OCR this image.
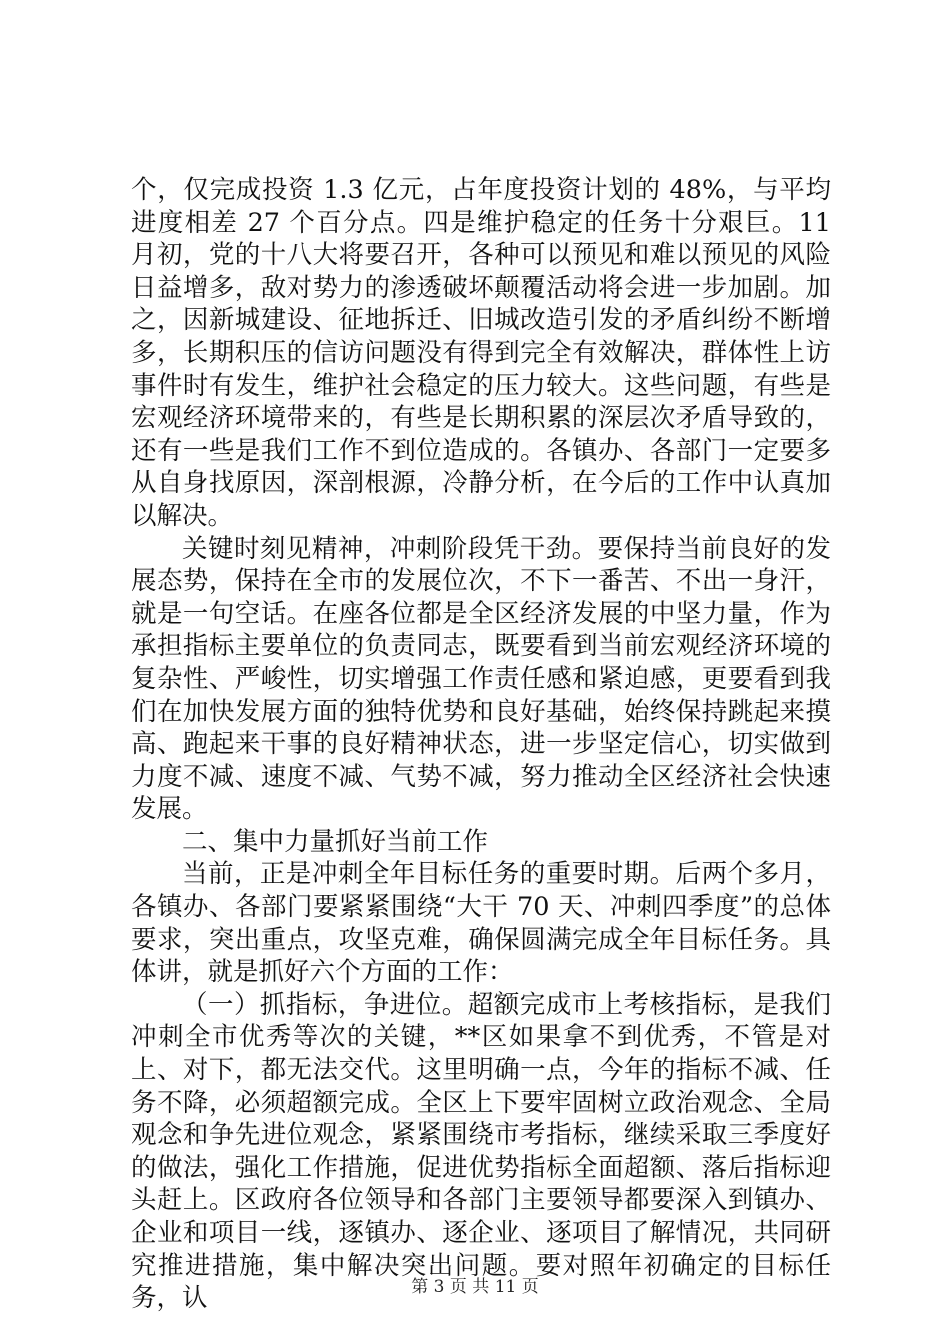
个，仅完成投资 1.3 亿元，占年度投资计划的 48%，与平均进度相差 27 个百分点。四是维护稳定的任务十分艰巨。11 月初，党的十八大将要召开，各种可以预见和难以预见的风险日益增多，敌对势力的渗透破坏颠覆活动将会进一步加剧。加之，因新城建设、征地拆迁、旧城改造引发的矛盾纠纷不断增多，长期积压的信访问题没有得到完全有效解决，群体性上访事件时有发生，维护社会稳定的压力较大。这些问题，有些是宏观经济环境带来的，有些是长期积累的深层次矛盾导致的，还有一些是我们工作不到位造成的。各镇办、各部门一定要多从自身找原因，深剖根源，冷静分析，在今后的工作中认真加以解决。

关键时刻见精神，冲刺阶段凭干劲。要保持当前良好的发展态势，保持在全市的发展位次，不下一番苦、不出一身汗，就是一句空话。在座各位都是全区经济发展的中坚力量，作为承担指标主要单位的负责同志，既要看到当前宏观经济环境的复杂性、严峻性，切实增强工作责任感和紧迫感，更要看到我们在加快发展方面的独特优势和良好基础，始终保持跳起来摸高、跑起来干事的良好精神状态，进一步坚定信心，切实做到力度不减、速度不减、气势不减，努力推动全区经济社会快速发展。

二、集中力量抓好当前工作

当前，正是冲刺全年目标任务的重要时期。后两个多月，各镇办、各部门要紧紧围绕“大干 70 天、冲刺四季度”的总体要求，突出重点，攻坚克难，确保圆满完成全年目标任务。具体讲，就是抓好六个方面的工作：

（一）抓指标，争进位。超额完成市上考核指标，是我们冲刺全市优秀等次的关键，**区如果拿不到优秀，不管是对上、对下，都无法交代。这里明确一点，今年的指标不减、任务不降，必须超额完成。全区上下要牢固树立政治观念、全局观念和争先进位观念，紧紧围绕市考指标，继续采取三季度好的做法，强化工作措施，促进优势指标全面超额、落后指标迎头赶上。区政府各位领导和各部门主要领导都要深入到镇办、企业和项目一线，逐镇办、逐企业、逐项目了解情况，共同研究推进措施，集中解决突出问题。要对照年初确定的目标任务，认	第 3 页 共 11 页
